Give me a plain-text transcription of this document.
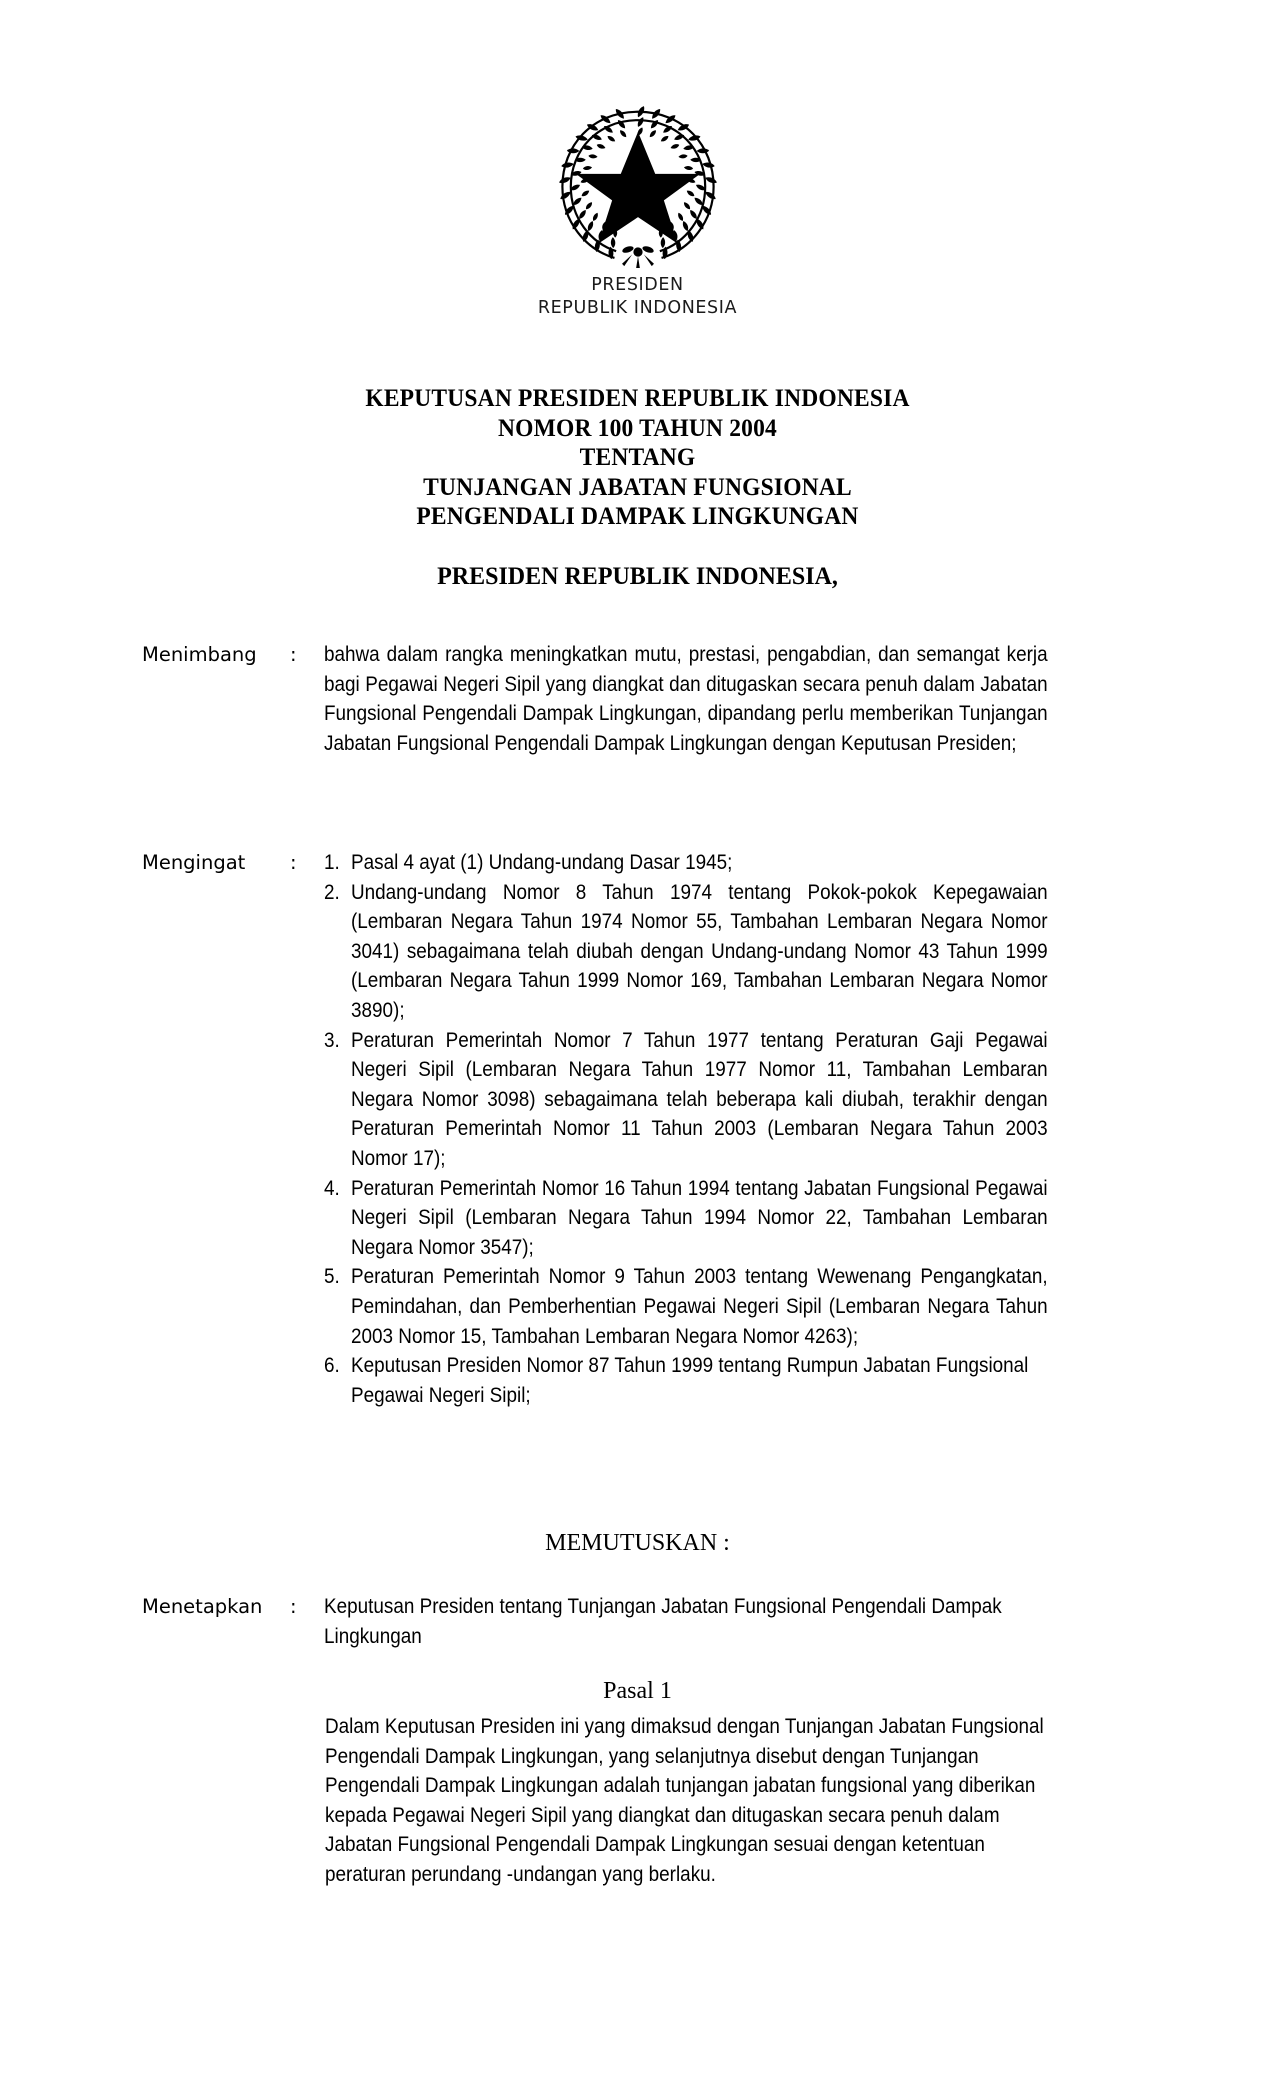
PRESIDEN
REPUBLIK INDONESIA
KEPUTUSAN PRESIDEN REPUBLIK INDONESIA
NOMOR 100 TAHUN 2004
TENTANG
TUNJANGAN JABATAN FUNGSIONAL
PENGENDALI DAMPAK LINGKUNGAN
PRESIDEN REPUBLIK INDONESIA,
Menimbang	:	bahwa dalam rangka meningkatkan mutu, prestasi, pengabdian, dan semangat kerja bagi Pegawai Negeri Sipil yang diangkat dan ditugaskan secara penuh dalam Jabatan Fungsional Pengendali Dampak Lingkungan, dipandang perlu memberikan Tunjangan Jabatan Fungsional Pengendali Dampak Lingkungan dengan Keputusan Presiden;

Mengingat	:	Pasal 4 ayat (1) Undang-undang Dasar 1945;
Undang-undang Nomor 8 Tahun 1974 tentang Pokok-pokok Kepegawaian (Lembaran Negara Tahun 1974 Nomor 55, Tambahan Lembaran Negara Nomor 3041) sebagaimana telah diubah dengan Undang-undang Nomor 43 Tahun 1999 (Lembaran Negara Tahun 1999 Nomor 169, Tambahan Lembaran Negara Nomor 3890);
Peraturan Pemerintah Nomor 7 Tahun 1977 tentang Peraturan Gaji Pegawai Negeri Sipil (Lembaran Negara Tahun 1977 Nomor 11, Tambahan Lembaran Negara Nomor 3098) sebagaimana telah beberapa kali diubah, terakhir dengan Peraturan Pemerintah Nomor 11 Tahun 2003 (Lembaran Negara Tahun 2003 Nomor 17);
Peraturan Pemerintah Nomor 16 Tahun 1994 tentang Jabatan Fungsional Pegawai Negeri Sipil (Lembaran Negara Tahun 1994 Nomor 22, Tambahan Lembaran Negara Nomor 3547);
Peraturan Pemerintah Nomor 9 Tahun 2003 tentang Wewenang Pengangkatan, Pemindahan, dan Pemberhentian Pegawai Negeri Sipil (Lembaran Negara Tahun 2003 Nomor 15, Tambahan Lembaran Negara Nomor 4263);
Keputusan Presiden Nomor 87 Tahun 1999 tentang Rumpun Jabatan Fungsional Pegawai Negeri Sipil;
MEMUTUSKAN :
Menetapkan	:	Keputusan Presiden tentang Tunjangan Jabatan Fungsional Pengendali Dampak Lingkungan

Pasal 1

Dalam Keputusan Presiden ini yang dimaksud dengan Tunjangan Jabatan Fungsional Pengendali Dampak Lingkungan, yang selanjutnya disebut dengan Tunjangan Pengendali Dampak Lingkungan adalah tunjangan jabatan fungsional yang diberikan kepada Pegawai Negeri Sipil yang diangkat dan ditugaskan secara penuh dalam Jabatan Fungsional Pengendali Dampak Lingkungan sesuai dengan ketentuan peraturan perundang -undangan yang berlaku.
